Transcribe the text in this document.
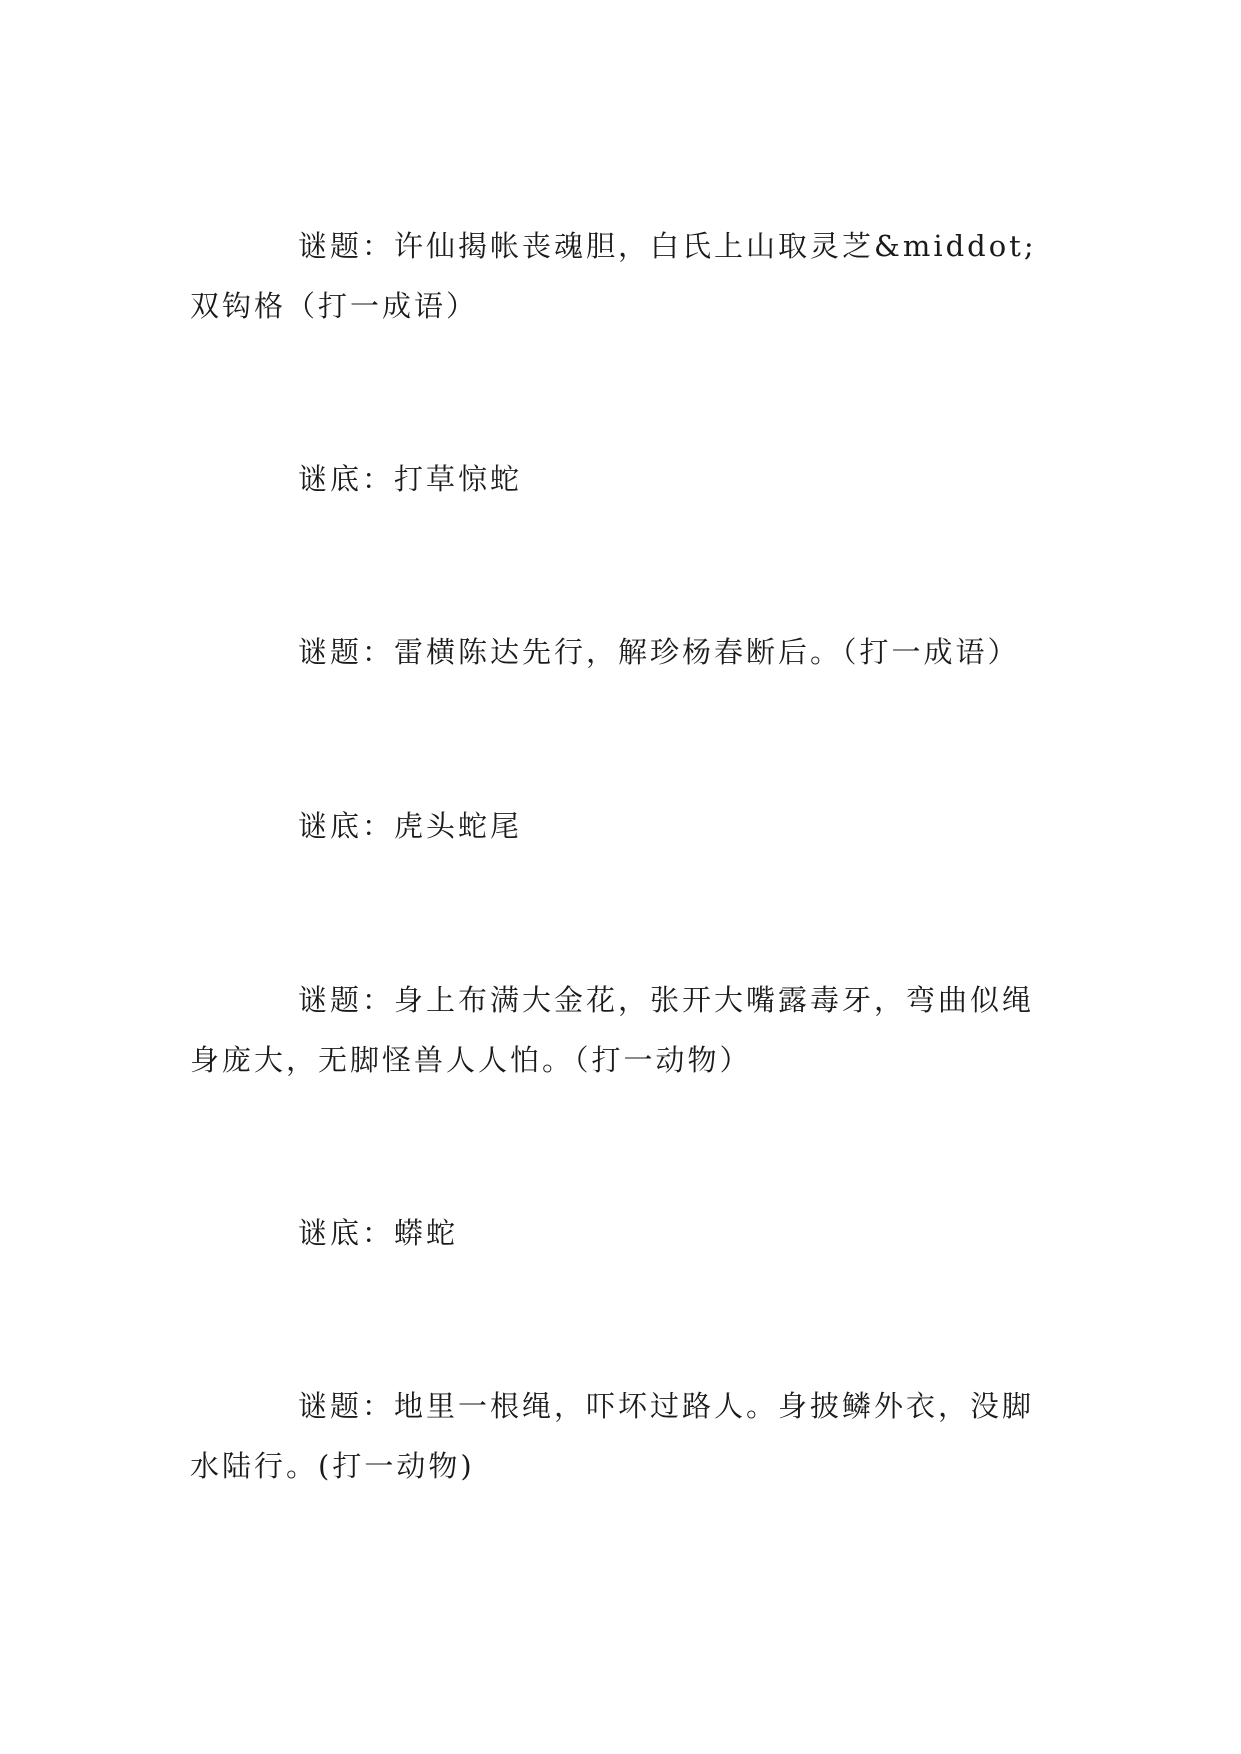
谜题：许仙揭帐丧魂胆，白氏上山取灵芝&middot;双钩格（打一成语）

谜底：打草惊蛇

谜题：雷横陈达先行，解珍杨春断后。（打一成语）

谜底：虎头蛇尾

谜题：身上布满大金花，张开大嘴露毒牙，弯曲似绳身庞大，无脚怪兽人人怕。（打一动物）

谜底：蟒蛇

谜题：地里一根绳，吓坏过路人。身披鳞外衣，没脚水陆行。(打一动物)
